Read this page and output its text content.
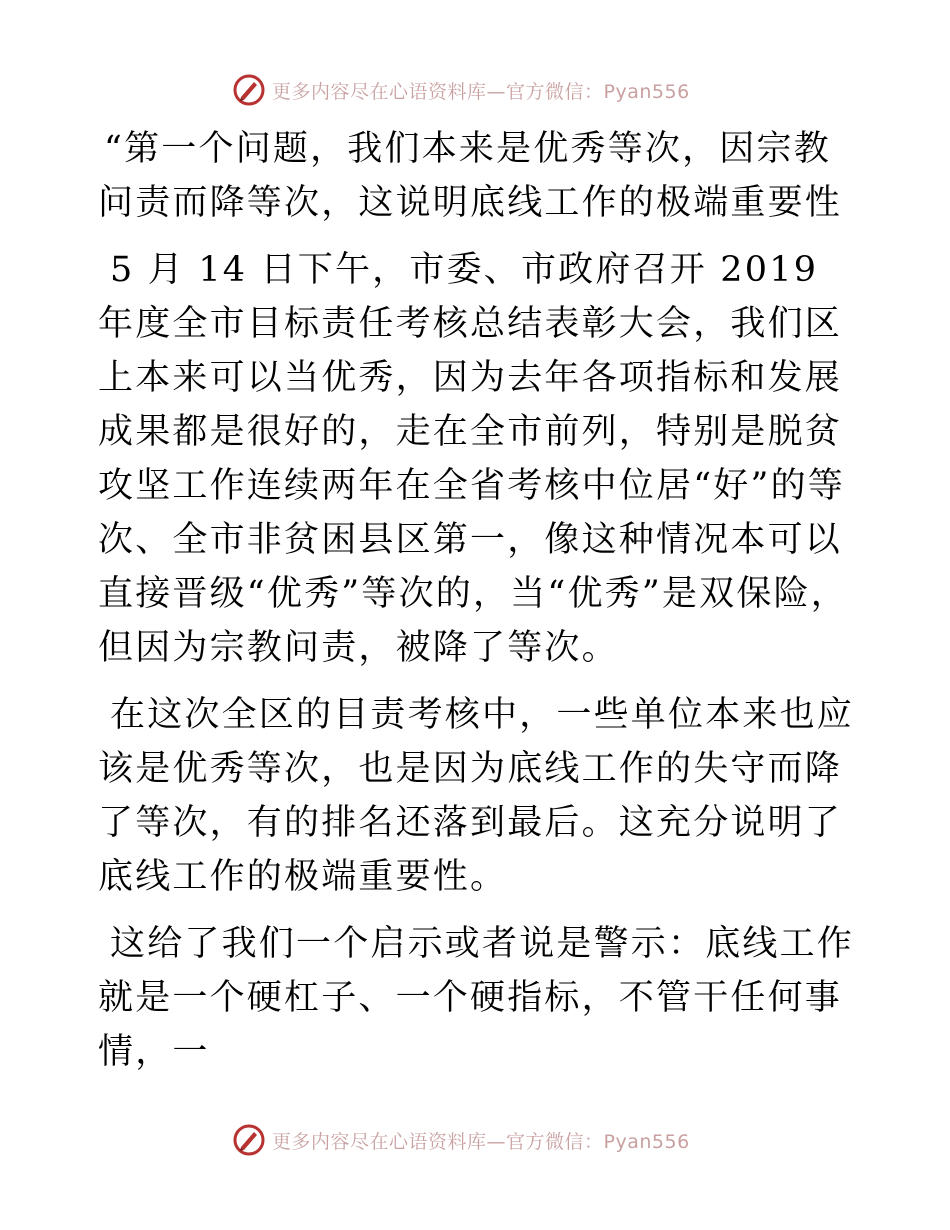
更多内容尽在心语资料库—官方微信：Pyan556

“第一个问题，我们本来是优秀等次，因宗教问责而降等次，这说明底线工作的极端重要性

5 月 14 日下午，市委、市政府召开 2019 年度全市目标责任考核总结表彰大会，我们区上本来可以当优秀，因为去年各项指标和发展成果都是很好的，走在全市前列，特别是脱贫攻坚工作连续两年在全省考核中位居“好”的等次、全市非贫困县区第一，像这种情况本可以直接晋级“优秀”等次的，当“优秀”是双保险，但因为宗教问责，被降了等次。

在这次全区的目责考核中，一些单位本来也应该是优秀等次，也是因为底线工作的失守而降了等次，有的排名还落到最后。这充分说明了底线工作的极端重要性。

这给了我们一个启示或者说是警示：底线工作就是一个硬杠子、一个硬指标，不管干任何事情，一

更多内容尽在心语资料库—官方微信：Pyan556
